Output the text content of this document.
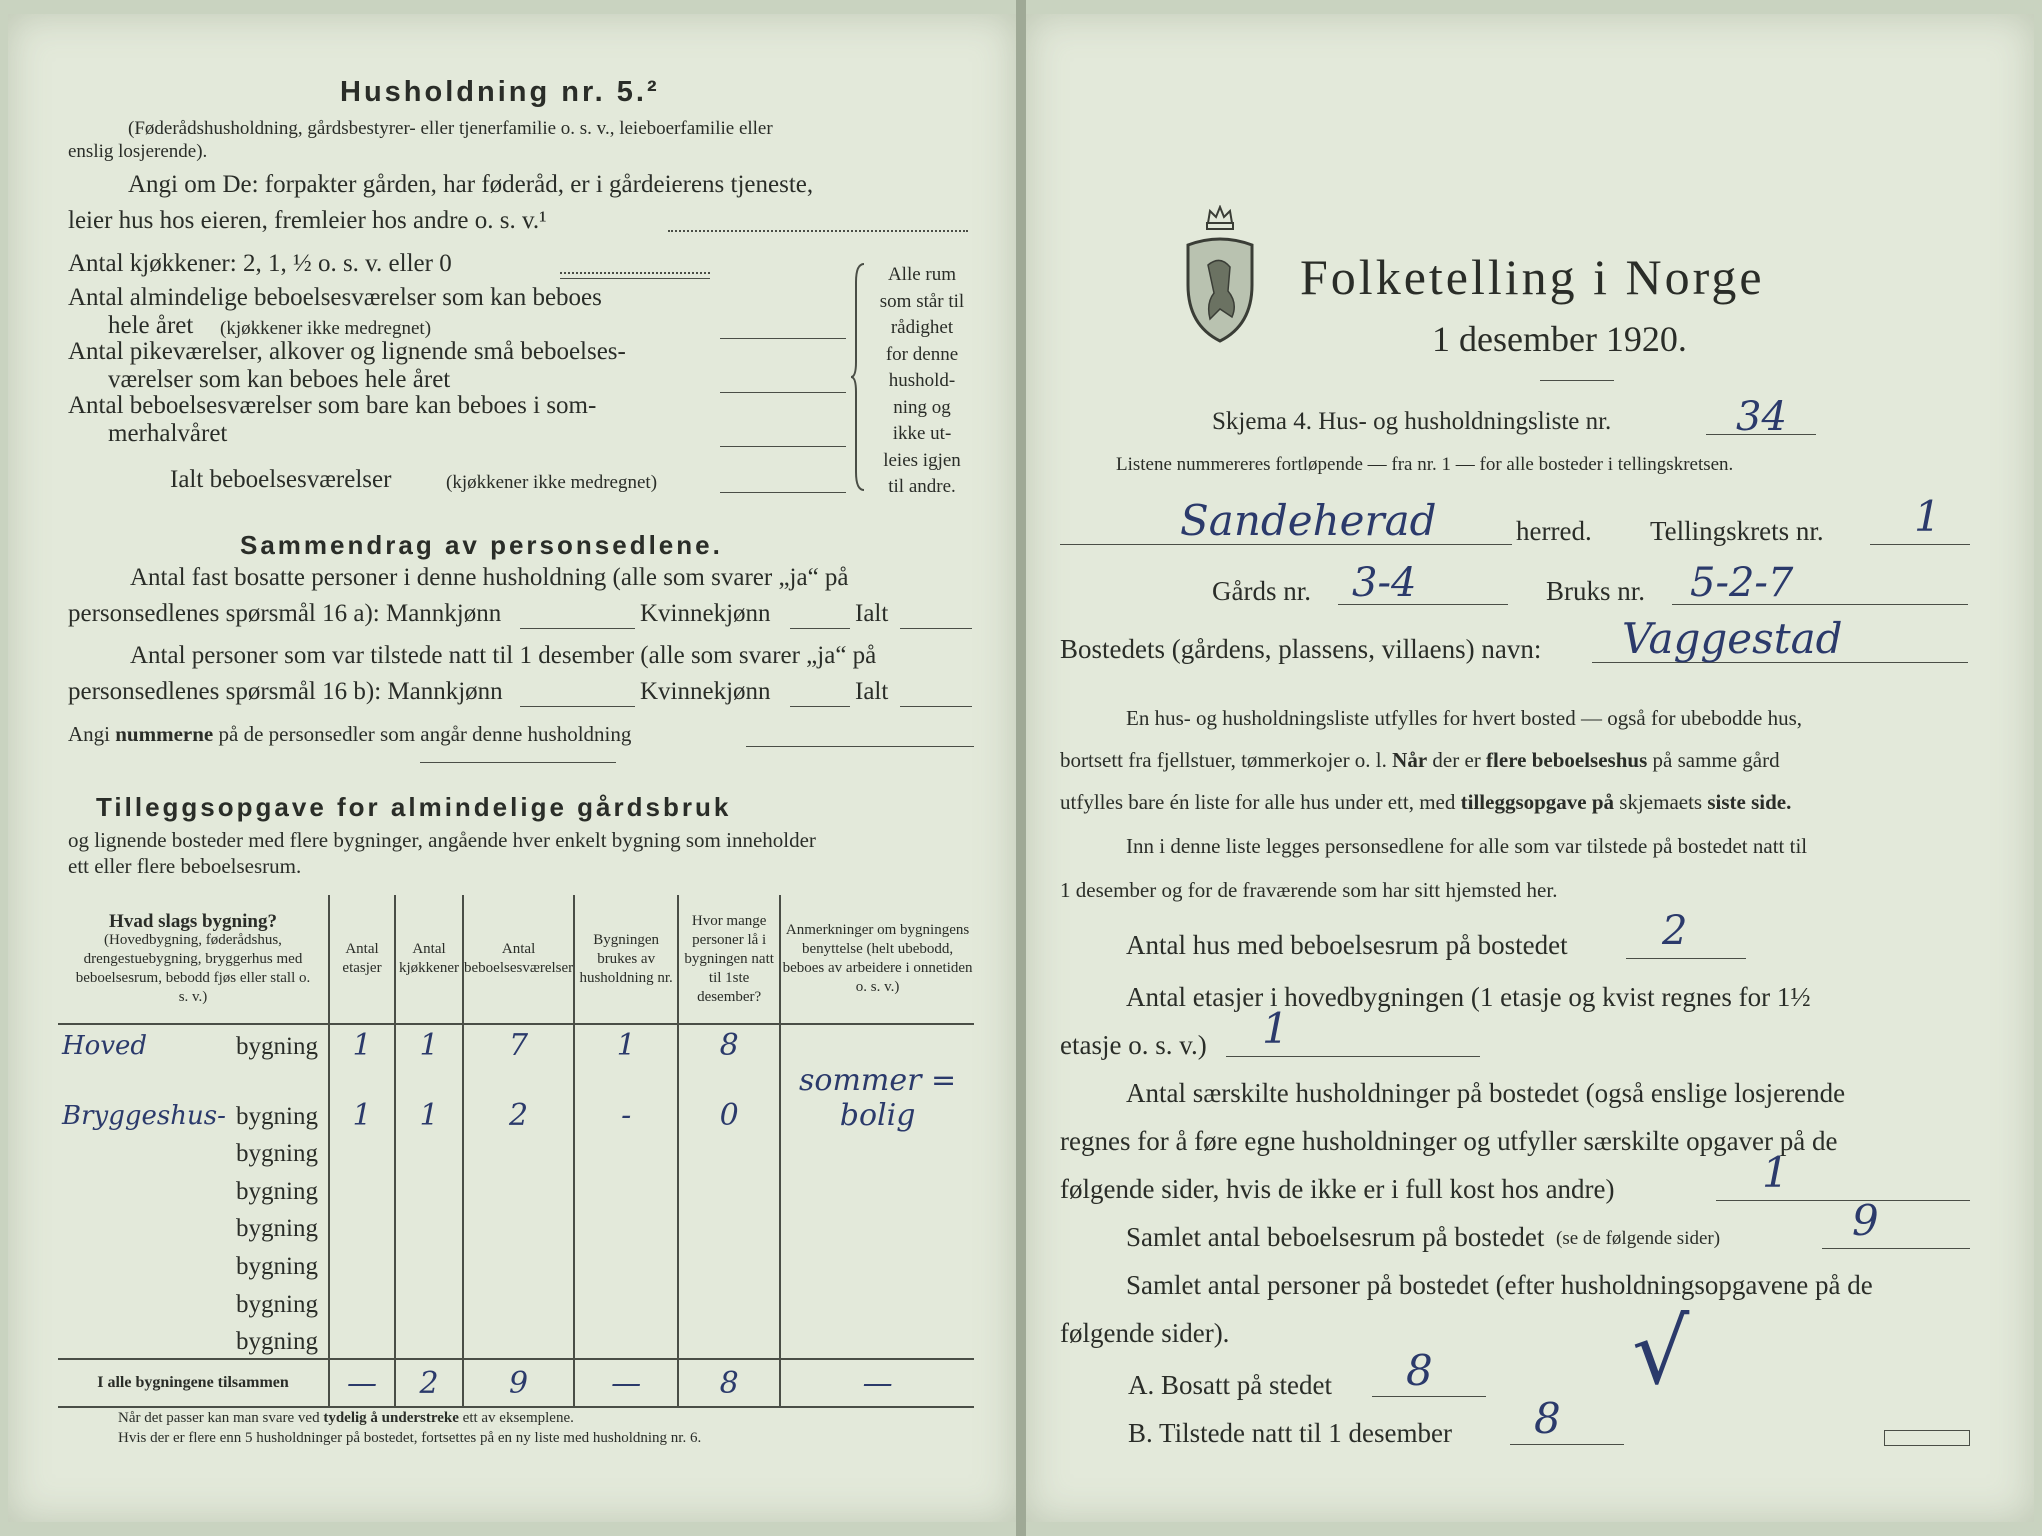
Husholdning nr. 5.²
(Føderådshusholdning, gårdsbestyrer- eller tjenerfamilie o. s. v., leieboerfamilie eller
enslig losjerende).
Angi om De: forpakter gården, har føderåd, er i gårdeierens tjeneste,
leier hus hos eieren, fremleier hos andre o. s. v.¹
Antal kjøkkener: 2, 1, ½ o. s. v. eller 0
Antal almindelige beboelsesværelser som kan beboes
hele året (kjøkkener ikke medregnet)
Antal pikeværelser, alkover og lignende små beboelses-
værelser som kan beboes hele året
Antal beboelsesværelser som bare kan beboes i som-
merhalvåret
Ialt beboelsesværelser	(kjøkkener ikke medregnet)
Alle rum
som står til
rådighet
for denne
hushold-
ning og
ikke ut-
leies igjen
til andre.
Sammendrag av personsedlene.
Antal fast bosatte personer i denne husholdning (alle som svarer „ja“ på
personsedlenes spørsmål 16 a): Mannkjønn	Kvinnekjønn	Ialt
Antal personer som var tilstede natt til 1 desember (alle som svarer „ja“ på
personsedlenes spørsmål 16 b): Mannkjønn	Kvinnekjønn	Ialt
Angi nummerne på de personsedler som angår denne husholdning
Tilleggsopgave for almindelige gårdsbruk
og lignende bosteder med flere bygninger, angående hver enkelt bygning som inneholder
ett eller flere beboelsesrum.
Hvad slags bygning?
(Hovedbygning, føderådshus, drengestuebygning, bryggerhus med beboelsesrum, bebodd fjøs eller stall o. s. v.)	Antal etasjer	Antal kjøkkener	Antal beboelsesværelser	Bygningen brukes av husholdning nr.	Hvor mange personer lå i bygningen natt til 1ste desember?	Anmerkninger om bygningens benyttelse (helt ubebodd, beboes av arbeidere i onnetiden o. s. v.)

Hoved bygning	1	1	7	1	8	

Bryggeshus- bygning	1	1	2	-	0	sommer = bolig

bygning						

bygning						

bygning						

bygning						

bygning						

bygning						

I alle bygningene tilsammen	—	2	9	—	8	—
Når det passer kan man svare ved tydelig å understreke ett av eksemplene.
Hvis der er flere enn 5 husholdninger på bostedet, fortsettes på en ny liste med husholdning nr. 6.
Folketelling i Norge
1 desember 1920.
Skjema 4. Hus- og husholdningsliste nr.	34
Listene nummereres fortløpende — fra nr. 1 — for alle bosteder i tellingskretsen.
Sandeherad	herred. Tellingskrets nr. 1
Gårds nr. 3-4	Bruks nr. 5-2-7
Bostedets (gårdens, plassens, villaens) navn: Vaggestad
En hus- og husholdningsliste utfylles for hvert bosted — også for ubebodde hus,
bortsett fra fjellstuer, tømmerkojer o. l. Når der er flere beboelseshus på samme gård
utfylles bare én liste for alle hus under ett, med tilleggsopgave på skjemaets siste side.
Inn i denne liste legges personsedlene for alle som var tilstede på bostedet natt til
1 desember og for de fraværende som har sitt hjemsted her.
Antal hus med beboelsesrum på bostedet 2
Antal etasjer i hovedbygningen (1 etasje og kvist regnes for 1½
etasje o. s. v.) 1
Antal særskilte husholdninger på bostedet (også enslige losjerende
regnes for å føre egne husholdninger og utfyller særskilte opgaver på de
følgende sider, hvis de ikke er i full kost hos andre)	1
Samlet antal beboelsesrum på bostedet (se de følgende sider)	9
Samlet antal personer på bostedet (efter husholdningsopgavene på de
følgende sider).
A. Bosatt på stedet 8
B. Tilstede natt til 1 desember 8
√
